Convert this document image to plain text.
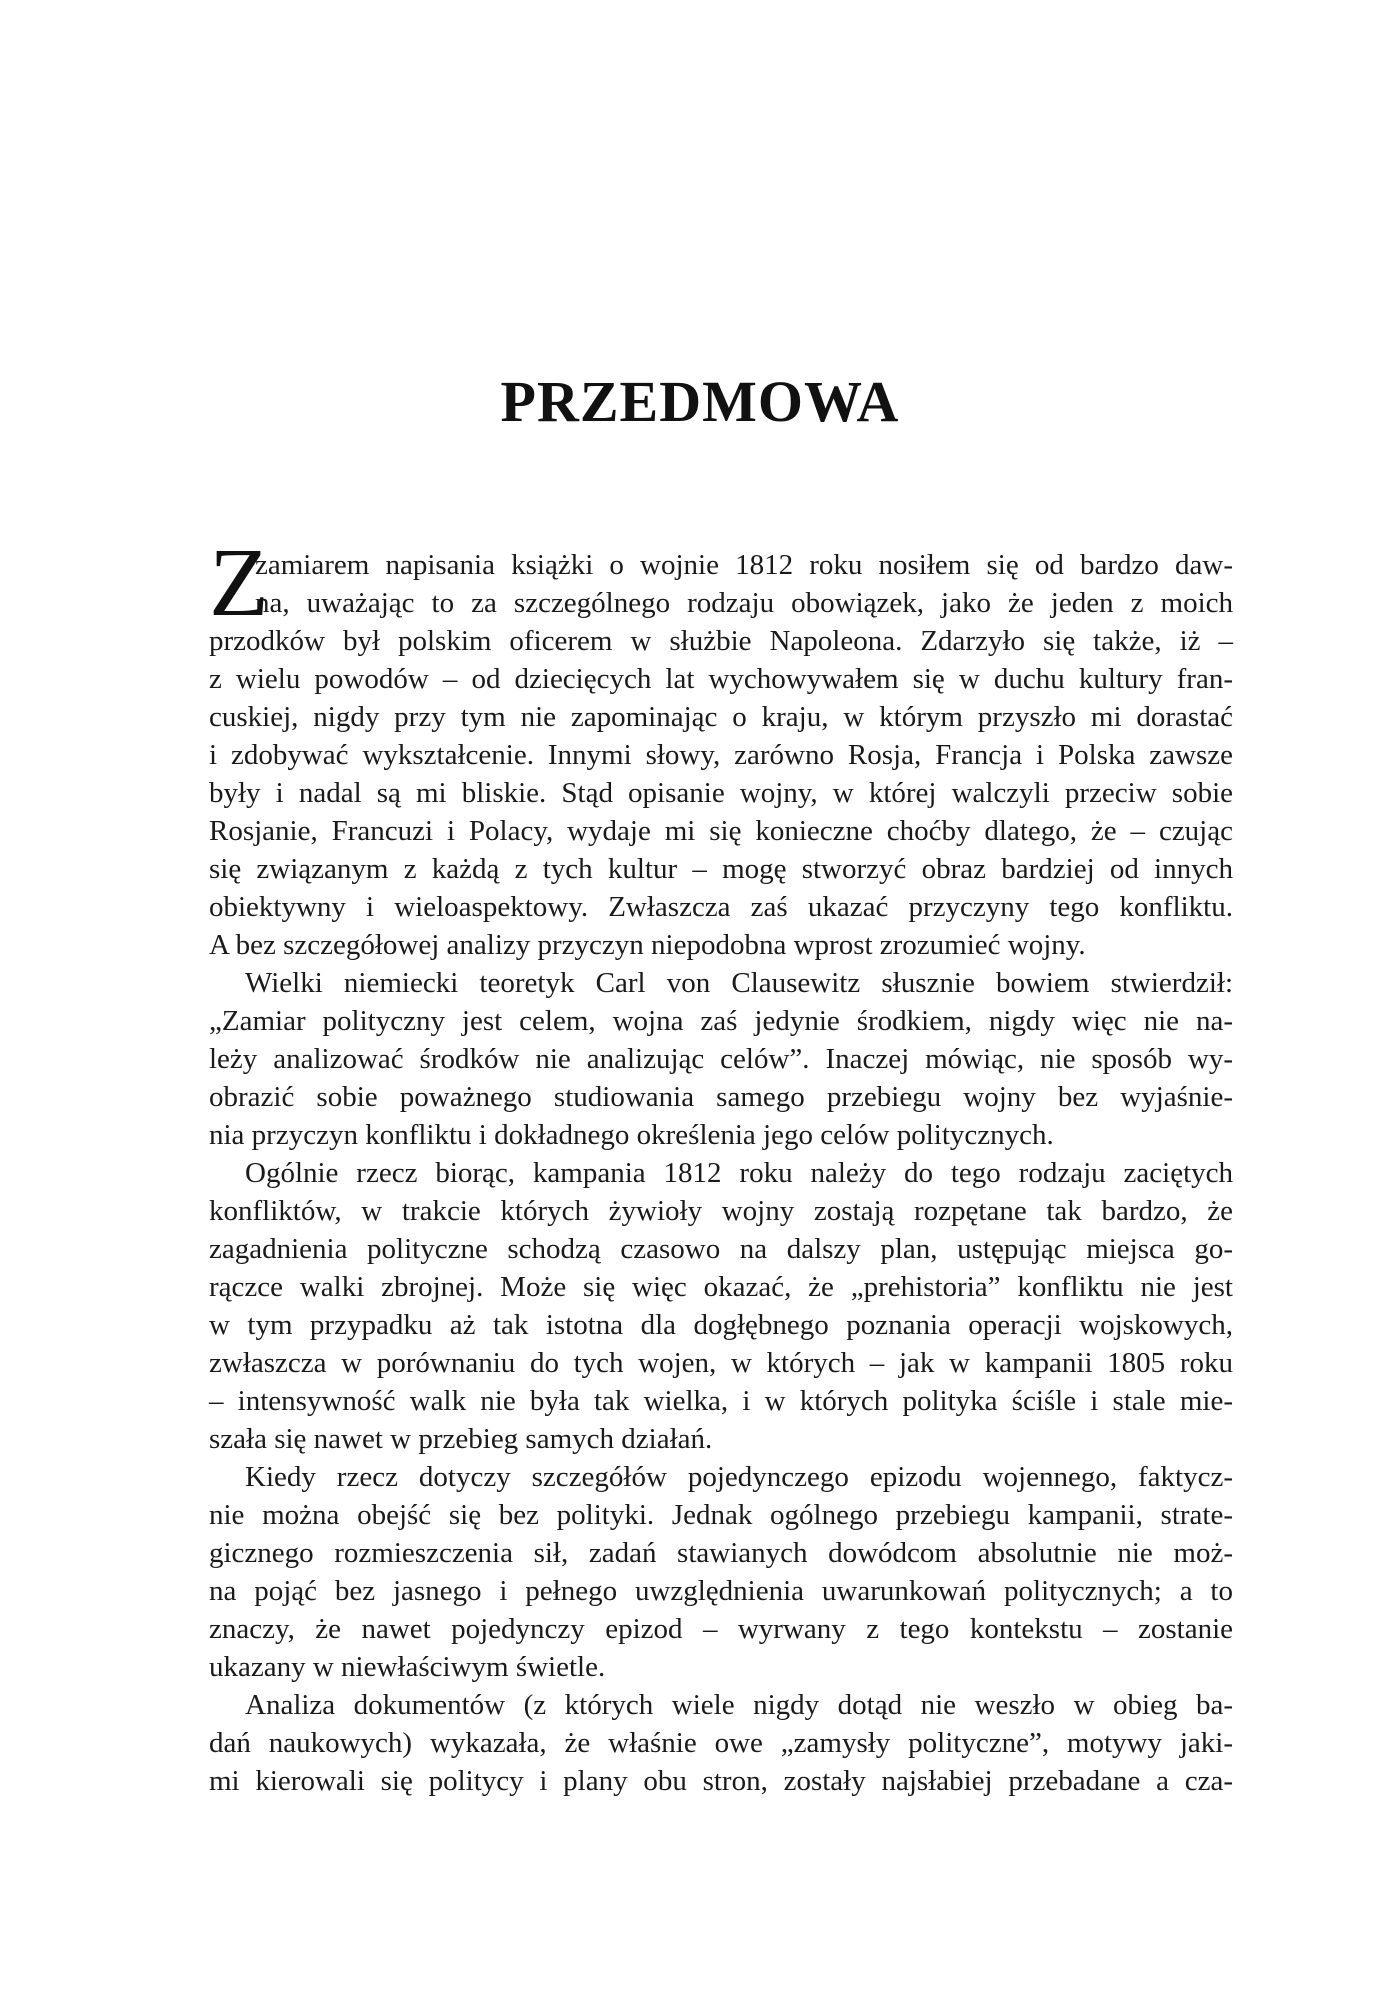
PRZEDMOWA
Z
zamiarem napisania książki o wojnie 1812 roku nosiłem się od bardzo daw-
na, uważając to za szczególnego rodzaju obowiązek, jako że jeden z moich
przodków był polskim oficerem w służbie Napoleona. Zdarzyło się także, iż –
z wielu powodów – od dziecięcych lat wychowywałem się w duchu kultury fran-
cuskiej, nigdy przy tym nie zapominając o kraju, w którym przyszło mi dorastać
i zdobywać wykształcenie. Innymi słowy, zarówno Rosja, Francja i Polska zawsze
były i nadal są mi bliskie. Stąd opisanie wojny, w której walczyli przeciw sobie
Rosjanie, Francuzi i Polacy, wydaje mi się konieczne choćby dlatego, że – czując
się związanym z każdą z tych kultur – mogę stworzyć obraz bardziej od innych
obiektywny i wieloaspektowy. Zwłaszcza zaś ukazać przyczyny tego konfliktu.
A bez szczegółowej analizy przyczyn niepodobna wprost zrozumieć wojny.
Wielki niemiecki teoretyk Carl von Clausewitz słusznie bowiem stwierdził:
„Zamiar polityczny jest celem, wojna zaś jedynie środkiem, nigdy więc nie na-
leży analizować środków nie analizując celów”. Inaczej mówiąc, nie sposób wy-
obrazić sobie poważnego studiowania samego przebiegu wojny bez wyjaśnie-
nia przyczyn konfliktu i dokładnego określenia jego celów politycznych.
Ogólnie rzecz biorąc, kampania 1812 roku należy do tego rodzaju zaciętych
konfliktów, w trakcie których żywioły wojny zostają rozpętane tak bardzo, że
zagadnienia polityczne schodzą czasowo na dalszy plan, ustępując miejsca go-
rączce walki zbrojnej. Może się więc okazać, że „prehistoria” konfliktu nie jest
w tym przypadku aż tak istotna dla dogłębnego poznania operacji wojskowych,
zwłaszcza w porównaniu do tych wojen, w których – jak w kampanii 1805 roku
– intensywność walk nie była tak wielka, i w których polityka ściśle i stale mie-
szała się nawet w przebieg samych działań.
Kiedy rzecz dotyczy szczegółów pojedynczego epizodu wojennego, faktycz-
nie można obejść się bez polityki. Jednak ogólnego przebiegu kampanii, strate-
gicznego rozmieszczenia sił, zadań stawianych dowódcom absolutnie nie moż-
na pojąć bez jasnego i pełnego uwzględnienia uwarunkowań politycznych; a to
znaczy, że nawet pojedynczy epizod – wyrwany z tego kontekstu – zostanie
ukazany w niewłaściwym świetle.
Analiza dokumentów (z których wiele nigdy dotąd nie weszło w obieg ba-
dań naukowych) wykazała, że właśnie owe „zamysły polityczne”, motywy jaki-
mi kierowali się politycy i plany obu stron, zostały najsłabiej przebadane a cza-
